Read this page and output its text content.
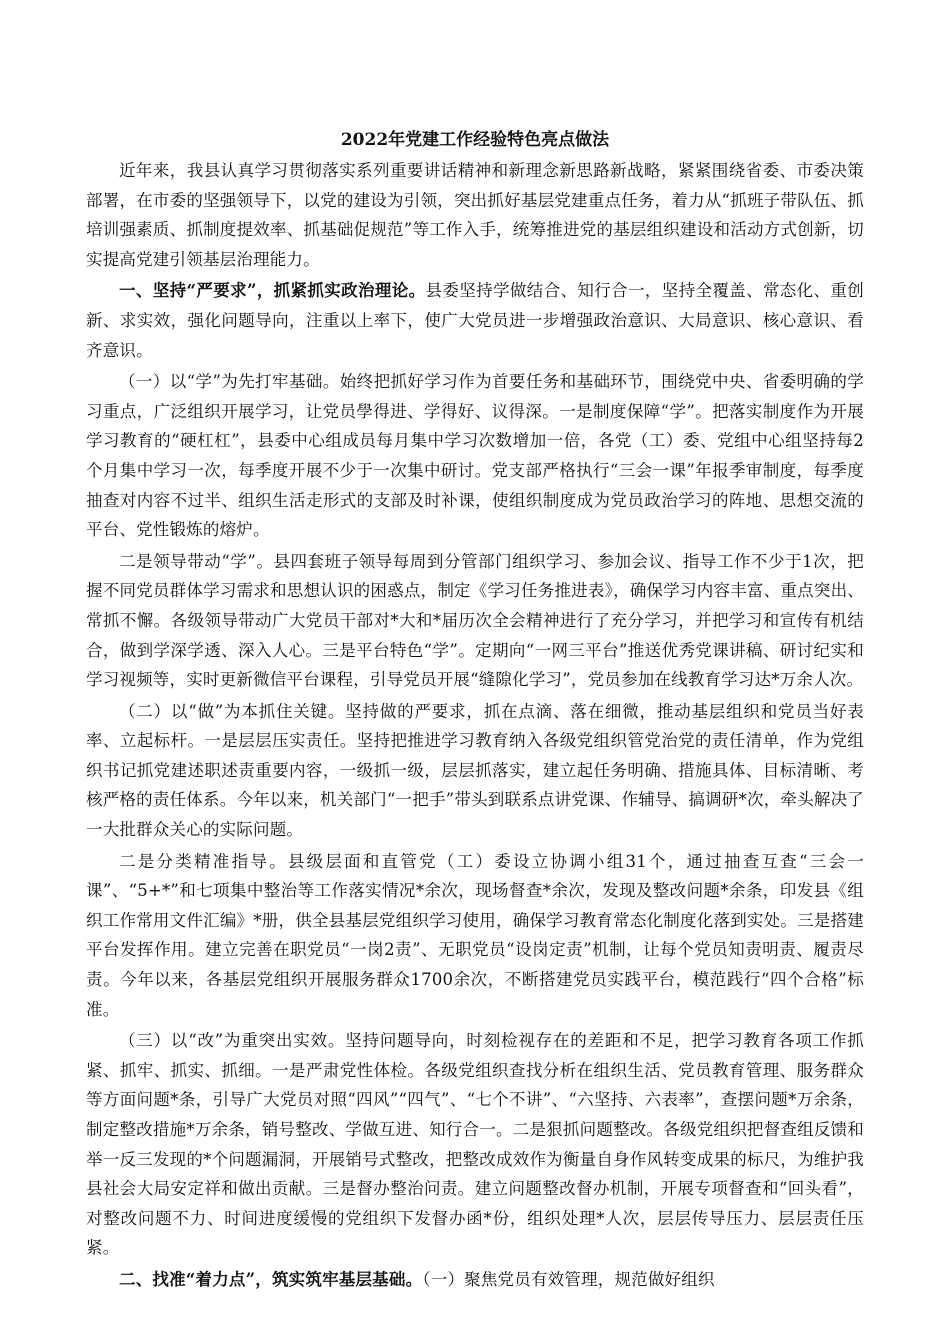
2022年党建工作经验特色亮点做法

近年来，我县认真学习贯彻落实系列重要讲话精神和新理念新思路新战略，紧紧围绕省委、市委决策部署，在市委的坚强领导下，以党的建设为引领，突出抓好基层党建重点任务，着力从“抓班子带队伍、抓培训强素质、抓制度提效率、抓基础促规范”等工作入手，统筹推进党的基层组织建设和活动方式创新，切实提高党建引领基层治理能力。

一、坚持“严要求”，抓紧抓实政治理论。县委坚持学做结合、知行合一，坚持全覆盖、常态化、重创新、求实效，强化问题导向，注重以上率下，使广大党员进一步增强政治意识、大局意识、核心意识、看齐意识。

（一）以“学”为先打牢基础。始终把抓好学习作为首要任务和基础环节，围绕党中央、省委明确的学习重点，广泛组织开展学习，让党员學得进、学得好、议得深。一是制度保障“学”。把落实制度作为开展学习教育的“硬杠杠”，县委中心组成员每月集中学习次数增加一倍，各党（工）委、党组中心组坚持每2个月集中学习一次，每季度开展不少于一次集中研讨。党支部严格执行“三会一课”年报季审制度，每季度抽查对内容不过半、组织生活走形式的支部及时补课，使组织制度成为党员政治学习的阵地、思想交流的平台、党性锻炼的熔炉。

二是领导带动“学”。县四套班子领导每周到分管部门组织学习、参加会议、指导工作不少于1次，把握不同党员群体学习需求和思想认识的困惑点，制定《学习任务推进表》，确保学习内容丰富、重点突出、常抓不懈。各级领导带动广大党员干部对*大和*届历次全会精神进行了充分学习，并把学习和宣传有机结合，做到学深学透、深入人心。三是平台特色“学”。定期向“一网三平台”推送优秀党课讲稿、研讨纪实和学习视频等，实时更新微信平台课程，引导党员开展“缝隙化学习”，党员参加在线教育学习达*万余人次。

（二）以“做”为本抓住关键。坚持做的严要求，抓在点滴、落在细微，推动基层组织和党员当好表率、立起标杆。一是层层压实责任。坚持把推进学习教育纳入各级党组织管党治党的责任清单，作为党组织书记抓党建述职述责重要内容，一级抓一级，层层抓落实，建立起任务明确、措施具体、目标清晰、考核严格的责任体系。今年以来，机关部门“一把手”带头到联系点讲党课、作辅导、搞调研*次，牵头解决了一大批群众关心的实际问题。

二是分类精准指导。县级层面和直管党（工）委设立协调小组31个，通过抽查互查“三会一课”、“5+*”和七项集中整治等工作落实情况*余次，现场督查*余次，发现及整改问题*余条，印发县《组织工作常用文件汇编》*册，供全县基层党组织学习使用，确保学习教育常态化制度化落到实处。三是搭建平台发挥作用。建立完善在职党员“一岗2责”、无职党员“设岗定责”机制，让每个党员知责明责、履责尽责。今年以来，各基层党组织开展服务群众1700余次，不断搭建党员实践平台，模范践行“四个合格”标准。

（三）以“改”为重突出实效。坚持问题导向，时刻检视存在的差距和不足，把学习教育各项工作抓紧、抓牢、抓实、抓细。一是严肃党性体检。各级党组织查找分析在组织生活、党员教育管理、服务群众等方面问题*条，引导广大党员对照“四风”“四气”、“七个不讲”、“六坚持、六表率”，查摆问题*万余条，制定整改措施*万余条，销号整改、学做互进、知行合一。二是狠抓问题整改。各级党组织把督查组反馈和举一反三发现的*个问题漏洞，开展销号式整改，把整改成效作为衡量自身作风转变成果的标尺，为维护我县社会大局安定祥和做出贡献。三是督办整治问责。建立问题整改督办机制，开展专项督查和“回头看”，对整改问题不力、时间进度缓慢的党组织下发督办函*份，组织处理*人次，层层传导压力、层层责任压紧。

二、找准“着力点”，筑实筑牢基层基础。（一）聚焦党员有效管理，规范做好组织
